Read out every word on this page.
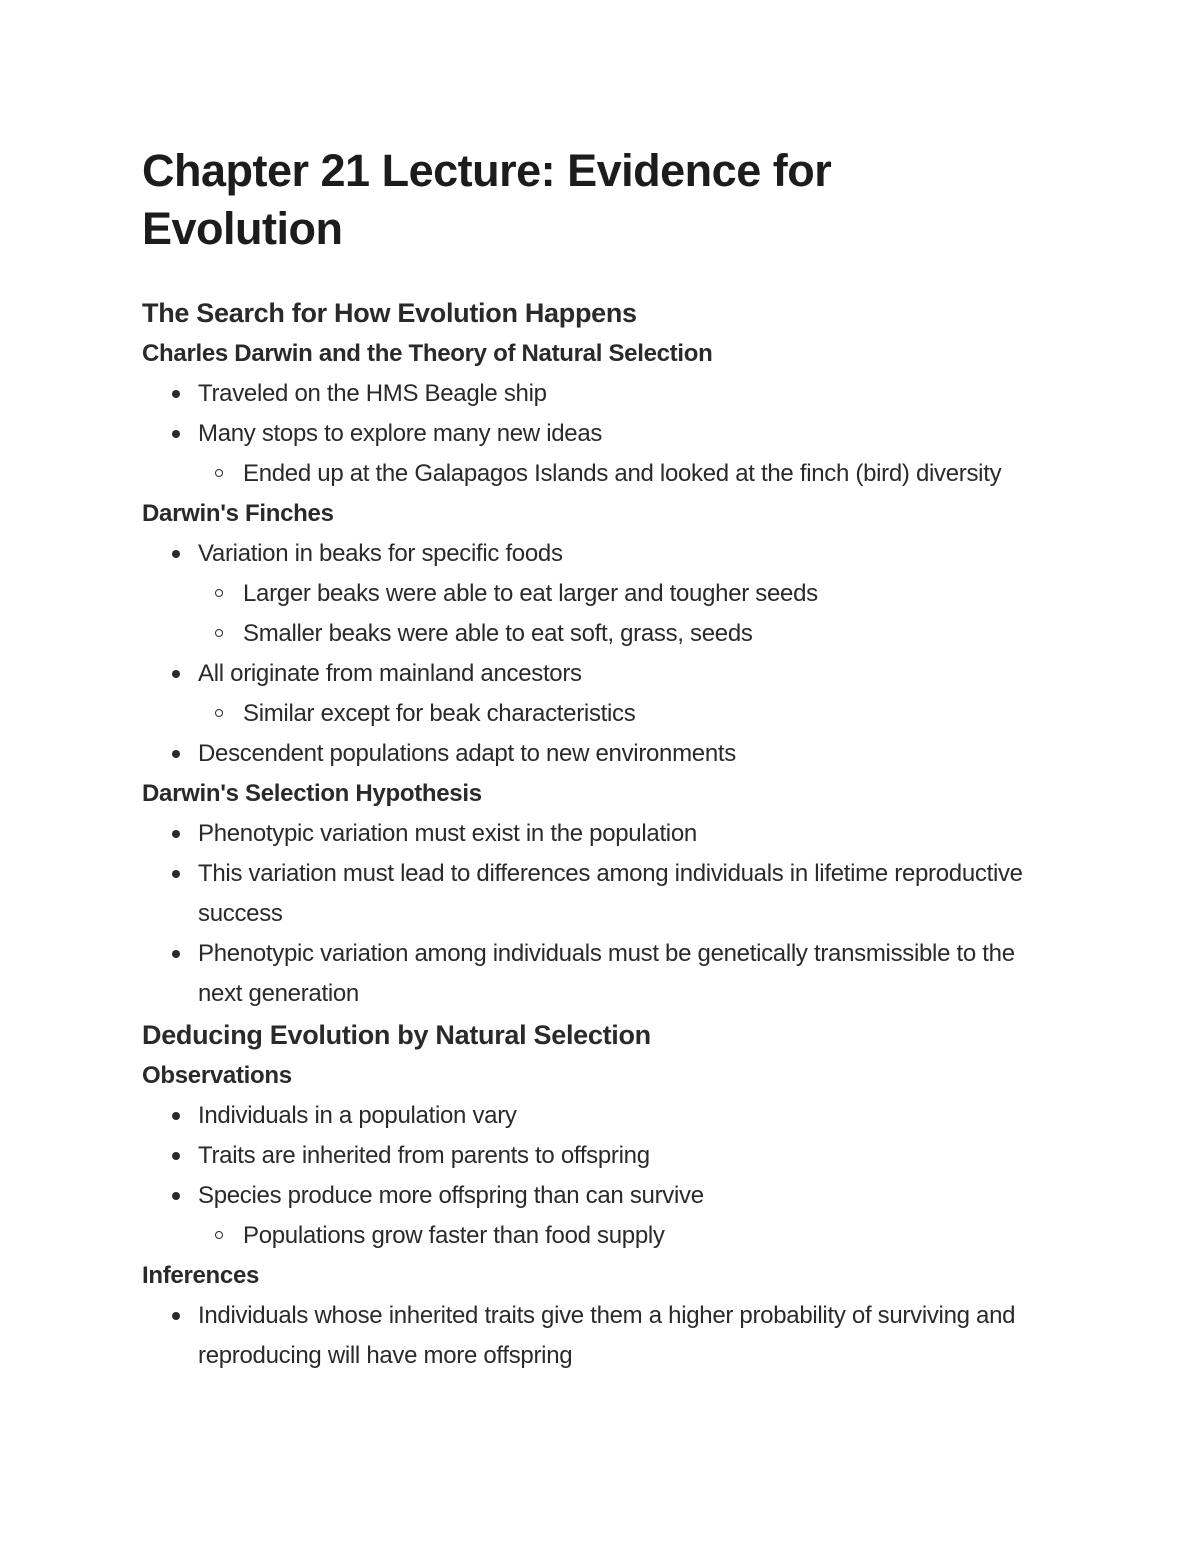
Chapter 21 Lecture: Evidence for Evolution
The Search for How Evolution Happens
Charles Darwin and the Theory of Natural Selection
Traveled on the HMS Beagle ship
Many stops to explore many new ideas
Ended up at the Galapagos Islands and looked at the finch (bird) diversity
Darwin's Finches
Variation in beaks for specific foods
Larger beaks were able to eat larger and tougher seeds
Smaller beaks were able to eat soft, grass, seeds
All originate from mainland ancestors
Similar except for beak characteristics
Descendent populations adapt to new environments
Darwin's Selection Hypothesis
Phenotypic variation must exist in the population
This variation must lead to differences among individuals in lifetime reproductive success
Phenotypic variation among individuals must be genetically transmissible to the next generation
Deducing Evolution by Natural Selection
Observations
Individuals in a population vary
Traits are inherited from parents to offspring
Species produce more offspring than can survive
Populations grow faster than food supply
Inferences
Individuals whose inherited traits give them a higher probability of surviving and reproducing will have more offspring
